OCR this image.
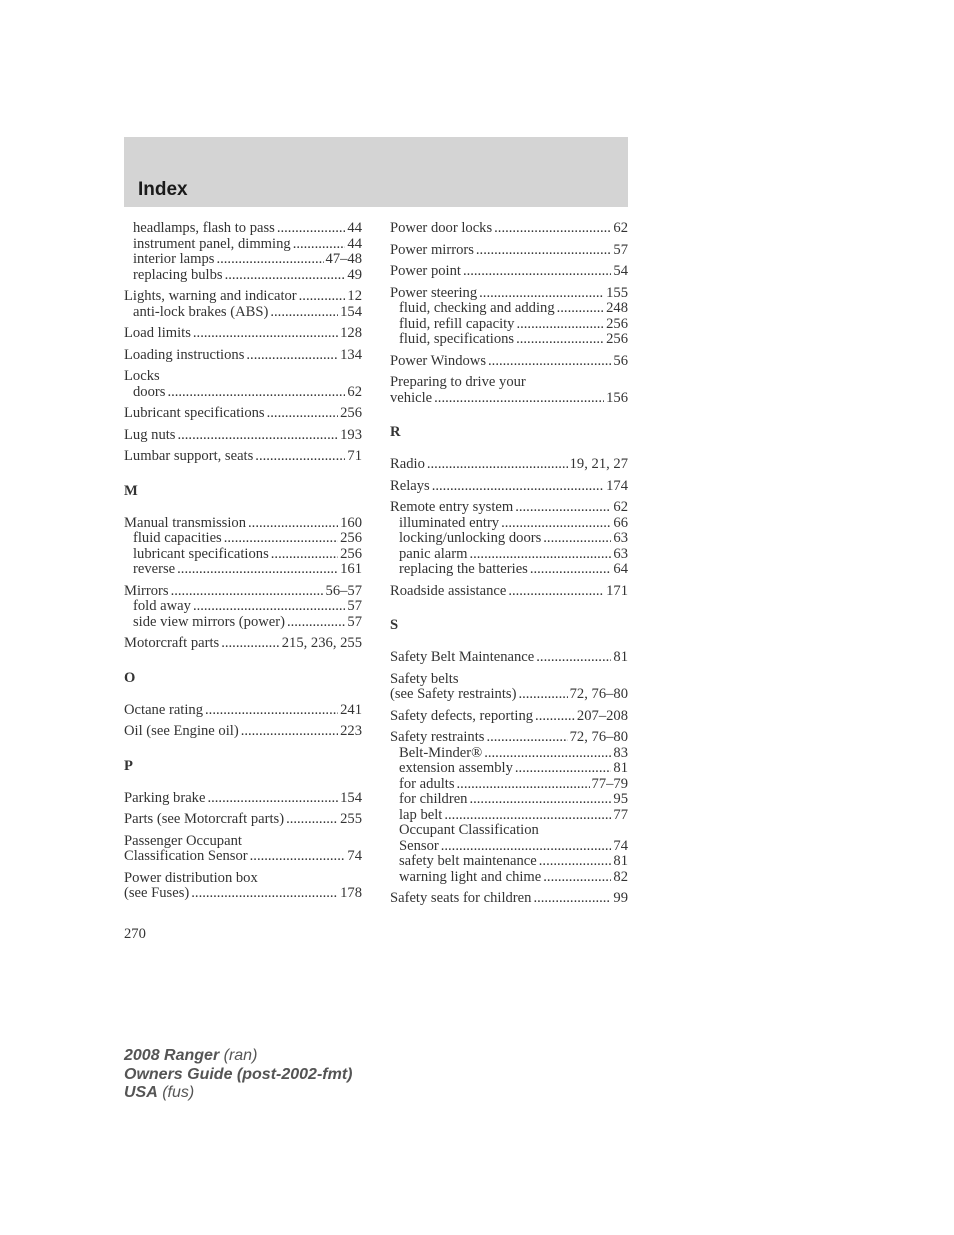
Index
headlamps, flash to pass .....	44
instrument panel, dimming .....	44
interior lamps .....	47–48
replacing bulbs .....	49
Lights, warning and indicator .....	12
anti-lock brakes (ABS) .....	154
Load limits .....	128
Loading instructions .....	134
Locks
doors .....	62
Lubricant specifications .....	256
Lug nuts .....	193
Lumbar support, seats .....	71
M
Manual transmission .....	160
fluid capacities .....	256
lubricant specifications .....	256
reverse .....	161
Mirrors .....	56–57
fold away .....	57
side view mirrors (power) .....	57
Motorcraft parts .....	215, 236, 255
O
Octane rating .....	241
Oil (see Engine oil) .....	223
P
Parking brake .....	154
Parts (see Motorcraft parts) .....	255
Passenger Occupant
Classification Sensor .....	74
Power distribution box
(see Fuses) .....	178
Power door locks .....	62
Power mirrors .....	57
Power point .....	54
Power steering .....	155
fluid, checking and adding .....	248
fluid, refill capacity .....	256
fluid, specifications .....	256
Power Windows .....	56
Preparing to drive your
vehicle .....	156
R
Radio .....	19, 21, 27
Relays .....	174
Remote entry system .....	62
illuminated entry .....	66
locking/unlocking doors .....	63
panic alarm .....	63
replacing the batteries .....	64
Roadside assistance .....	171
S
Safety Belt Maintenance .....	81
Safety belts
(see Safety restraints) .....	72, 76–80
Safety defects, reporting .....	207–208
Safety restraints .....	72, 76–80
Belt-Minder® .....	83
extension assembly .....	81
for adults .....	77–79
for children .....	95
lap belt .....	77
Occupant Classification
Sensor .....	74
safety belt maintenance .....	81
warning light and chime .....	82
Safety seats for children .....	99
270
2008 Ranger (ran)
Owners Guide (post-2002-fmt)
USA (fus)
